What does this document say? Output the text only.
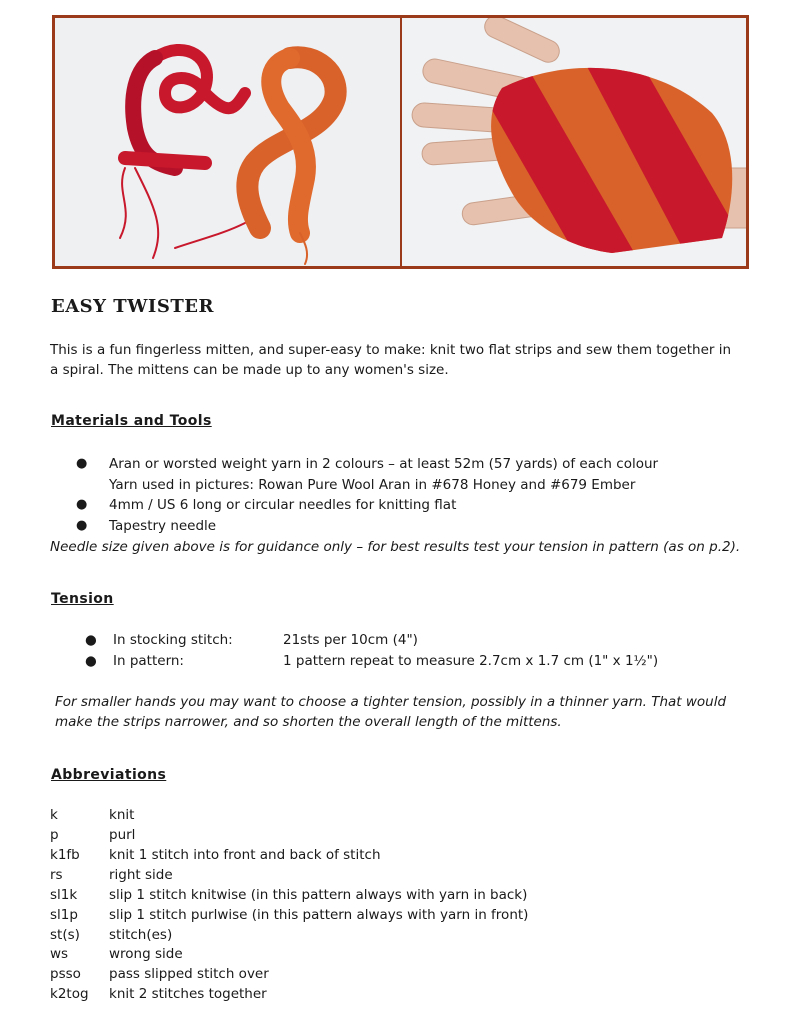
EASY TWISTER

This is a fun fingerless mitten, and super-easy to make: knit two flat strips and sew them together in a spiral. The mittens can be made up to any women's size.

Materials and Tools
● Aran or worsted weight yarn in 2 colours – at least 52m (57 yards) of each colour
Yarn used in pictures: Rowan Pure Wool Aran in #678 Honey and #679 Ember
● 4mm / US 6 long or circular needles for knitting flat
● Tapestry needle

Needle size given above is for guidance only – for best results test your tension in pattern (as on p.2).

Tension
● In stocking stitch:	21sts per 10cm (4")
● In pattern:	1 pattern repeat to measure 2.7cm x 1.7 cm (1" x 1½")

For smaller hands you may want to choose a tighter tension, possibly in a thinner yarn. That would make the strips narrower, and so shorten the overall length of the mittens.

Abbreviations
k	knit
p	purl
k1fb	knit 1 stitch into front and back of stitch
rs	right side
sl1k	slip 1 stitch knitwise (in this pattern always with yarn in back)
sl1p	slip 1 stitch purlwise (in this pattern always with yarn in front)
st(s)	stitch(es)
ws	wrong side
psso	pass slipped stitch over
k2tog	knit 2 stitches together
